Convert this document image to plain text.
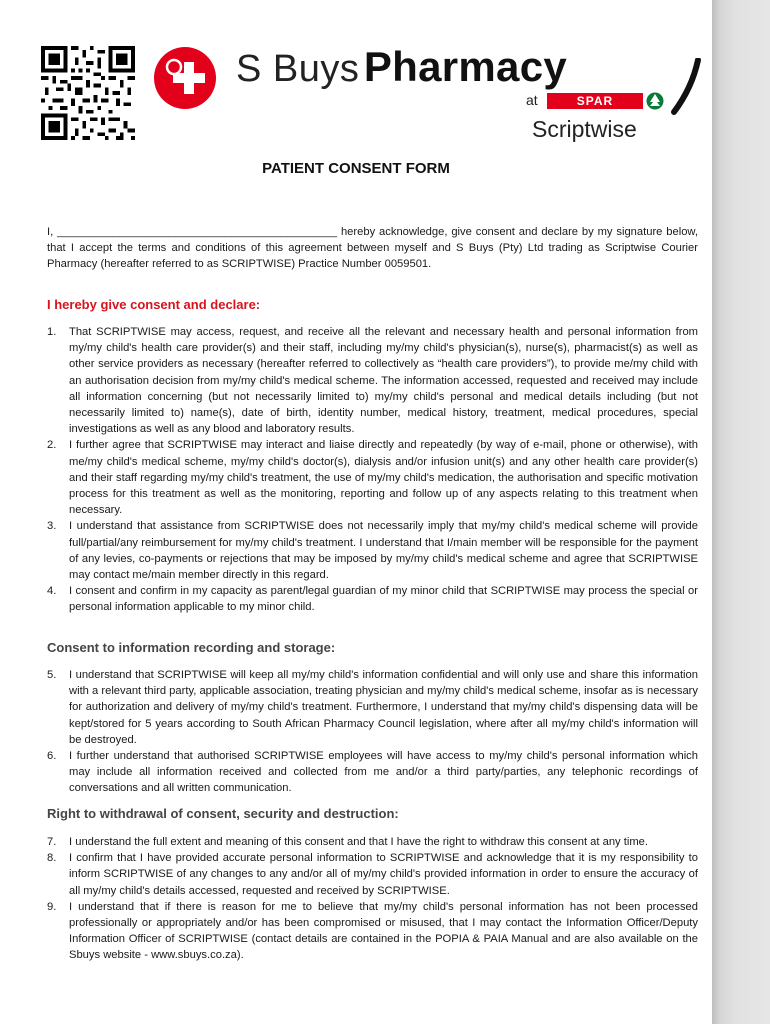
S Buys Pharmacy
at	SPAR
Scriptwise
PATIENT CONSENT FORM
I, _____________________________________________ hereby acknowledge, give consent and declare by my signature below, that I accept the terms and conditions of this agreement between myself and S Buys (Pty) Ltd trading as Scriptwise Courier Pharmacy (hereafter referred to as SCRIPTWISE) Practice Number 0059501.
I hereby give consent and declare:
1. That SCRIPTWISE may access, request, and receive all the relevant and necessary health and personal information from my/my child's health care provider(s) and their staff, including my/my child's physician(s), nurse(s), pharmacist(s) as well as other service providers as necessary (hereafter referred to collectively as “health care providers”), to provide me/my child with an authorisation decision from my/my child's medical scheme. The information accessed, requested and received may include all information concerning (but not necessarily limited to) my/my child's personal and medical details including (but not necessarily limited to) name(s), date of birth, identity number, medical history, treatment, medical procedures, special investigations as well as any blood and laboratory results.
2. I further agree that SCRIPTWISE may interact and liaise directly and repeatedly (by way of e-mail, phone or otherwise), with me/my child's medical scheme, my/my child's doctor(s), dialysis and/or infusion unit(s) and any other health care provider(s) and their staff regarding my/my child's treatment, the use of my/my child's medication, the authorisation and specific motivation process for this treatment as well as the monitoring, reporting and follow up of any aspects relating to this treatment when necessary.
3. I understand that assistance from SCRIPTWISE does not necessarily imply that my/my child's medical scheme will provide full/partial/any reimbursement for my/my child's treatment. I understand that I/main member will be responsible for the payment of any levies, co-payments or rejections that may be imposed by my/my child's medical scheme and agree that SCRIPTWISE may contact me/main member directly in this regard.
4. I consent and confirm in my capacity as parent/legal guardian of my minor child that SCRIPTWISE may process the special or personal information applicable to my minor child.
Consent to information recording and storage:
5. I understand that SCRIPTWISE will keep all my/my child's information confidential and will only use and share this information with a relevant third party, applicable association, treating physician and my/my child's medical scheme, insofar as is necessary for authorization and delivery of my/my child's treatment. Furthermore, I understand that my/my child's dispensing data will be kept/stored for 5 years according to South African Pharmacy Council legislation, where after all my/my child's information will be destroyed.
6. I further understand that authorised SCRIPTWISE employees will have access to my/my child's personal information which may include all information received and collected from me and/or a third party/parties, any telephonic recordings of conversations and all written communication.
Right to withdrawal of consent, security and destruction:
7. I understand the full extent and meaning of this consent and that I have the right to withdraw this consent at any time.
8. I confirm that I have provided accurate personal information to SCRIPTWISE and acknowledge that it is my responsibility to inform SCRIPTWISE of any changes to any and/or all of my/my child's provided information in order to ensure the accuracy of all my/my child's details accessed, requested and received by SCRIPTWISE.
9. I understand that if there is reason for me to believe that my/my child's personal information has not been processed professionally or appropriately and/or has been compromised or misused, that I may contact the Information Officer/Deputy Information Officer of SCRIPTWISE (contact details are contained in the POPIA & PAIA Manual and are also available on the Sbuys website - www.sbuys.co.za).
